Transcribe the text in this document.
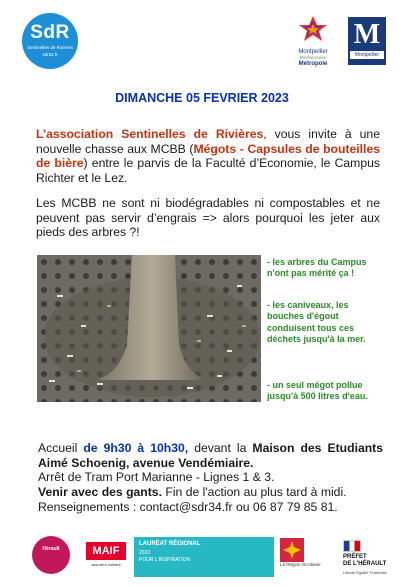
SdR
Sentinelles de Rivières
sdr34.fr	Montpellier
Méditerranée
Métropole
M
Montpellier
DIMANCHE 05 FEVRIER 2023
L’association Sentinelles de Rivières, vous invite à une nouvelle chasse aux MCBB (Mégots - Capsules de bouteilles de bière) entre le parvis de la Faculté d’Economie, le Campus Richter et le Lez.
Les MCBB ne sont ni biodégradables ni compostables et ne peuvent pas servir d’engrais => alors pourquoi les jeter aux pieds des arbres ?!
- les arbres du Campus n'ont pas mérité ça !
- les caniveaux, les bouches d'égout conduisent tous ces déchets jusqu'à la mer.
- un seul mégot pollue jusqu'à 500 litres d'eau.
Accueil de 9h30 à 10h30, devant la Maison des Etudiants Aimé Schoenig, avenue Vendémiaire.
Arrêt de Tram Port Marianne - Lignes 1 & 3.
Venir avec des gants. Fin de l'action au plus tard à midi.
Renseignements : contact@sdr34.fr ou 06 87 79 85 81.
Hérault	MAIF
assureur militant
LAURÉAT RÉGIONAL
2022
POUR L'INSPIRATION
La Région Occitanie
PRÉFET
DE L'HÉRAULT
Liberté Égalité Fraternité
